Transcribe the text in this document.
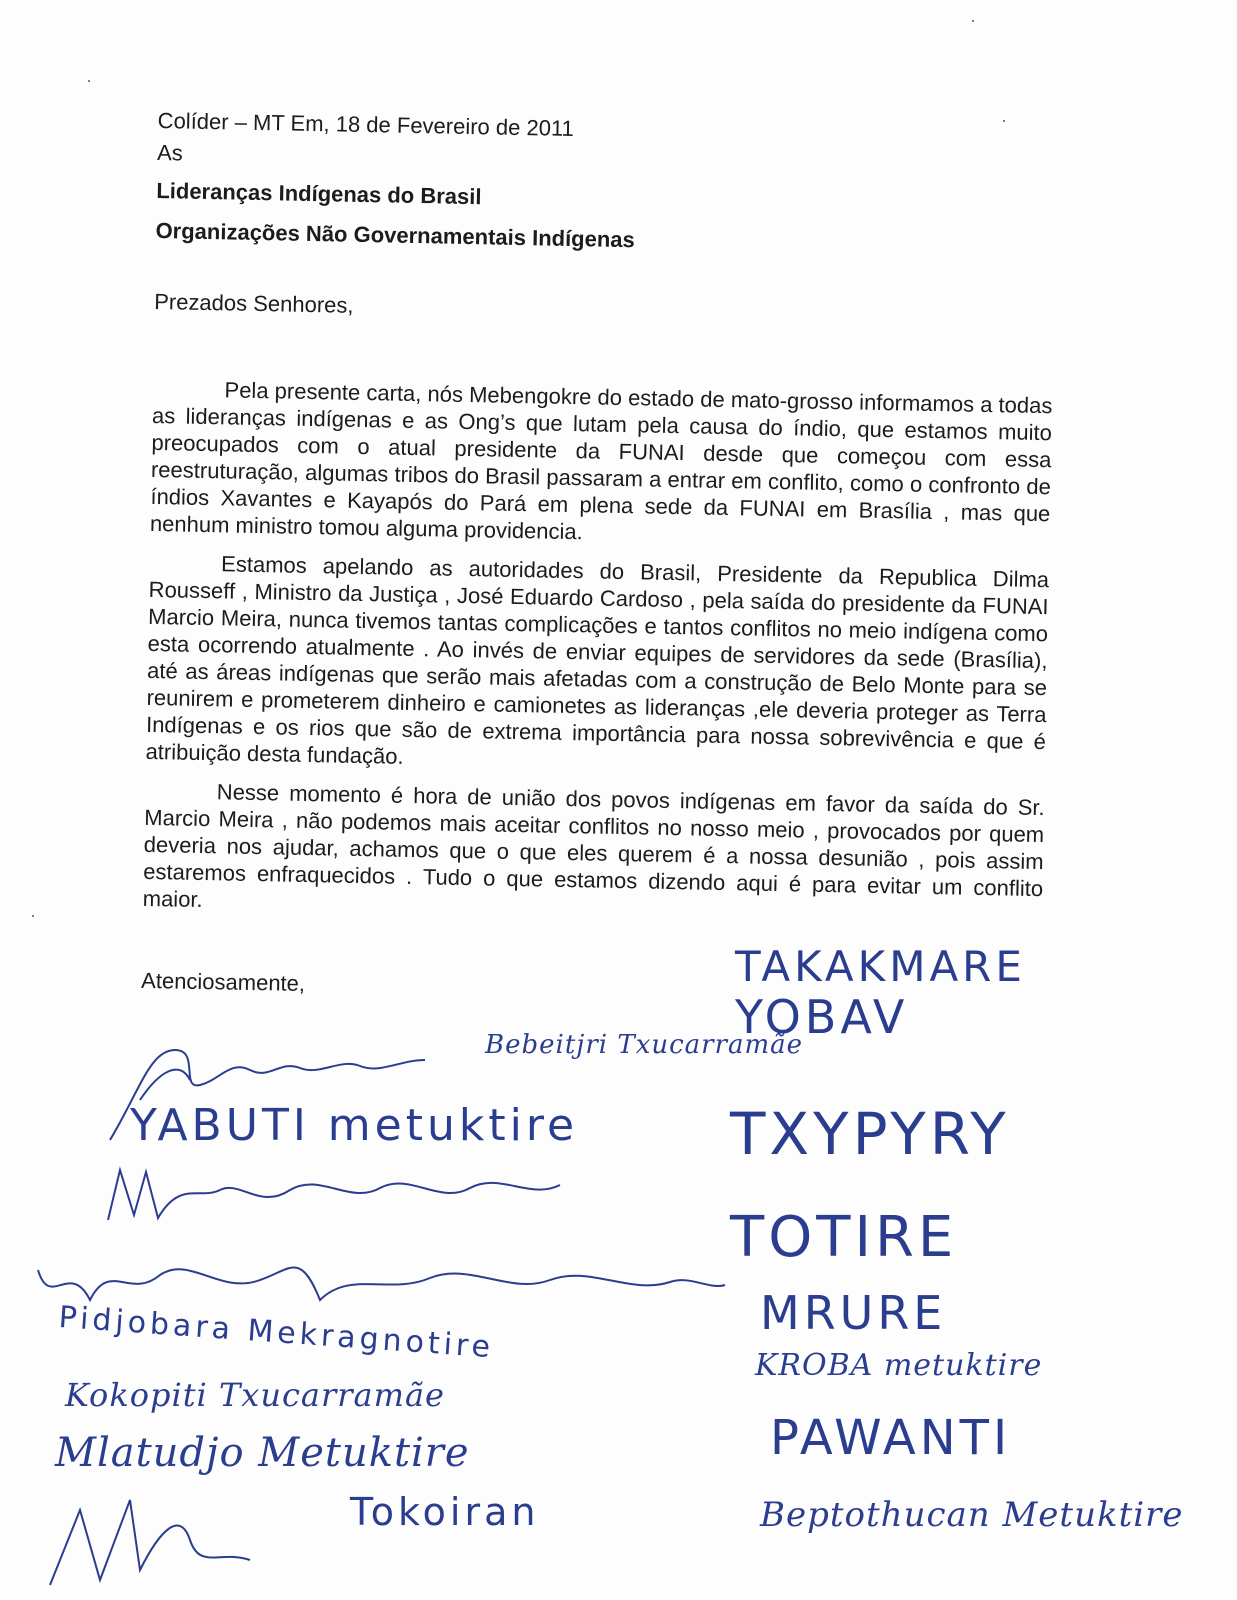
Colíder – MT Em, 18 de Fevereiro de 2011
As
Lideranças Indígenas do Brasil
Organizações Não Governamentais Indígenas
Prezados Senhores,

Pela presente carta, nós Mebengokre do estado de mato-grosso informamos a todas as lideranças indígenas e as Ong’s que lutam pela causa do índio, que estamos muito preocupados com o atual presidente da FUNAI desde que começou com essa reestruturação, algumas tribos do Brasil passaram a entrar em conflito, como o confronto de índios Xavantes e Kayapós do Pará em plena sede da FUNAI em Brasília , mas que nenhum ministro tomou alguma providencia.

Estamos apelando as autoridades do Brasil, Presidente da Republica Dilma Rousseff , Ministro da Justiça , José Eduardo Cardoso , pela saída do presidente da FUNAI Marcio Meira, nunca tivemos tantas complicações e tantos conflitos no meio indígena como esta ocorrendo atualmente . Ao invés de enviar equipes de servidores da sede (Brasília), até as áreas indígenas que serão mais afetadas com a construção de Belo Monte para se reunirem e prometerem dinheiro e camionetes as lideranças ,ele deveria proteger as Terra Indígenas e os rios que são de extrema importância para nossa sobrevivência e que é atribuição desta fundação.

Nesse momento é hora de união dos povos indígenas em favor da saída do Sr. Marcio Meira , não podemos mais aceitar conflitos no nosso meio , provocados por quem deveria nos ajudar, achamos que o que eles querem é a nossa desunião , pois assim estaremos enfraquecidos . Tudo o que estamos dizendo aqui é para evitar um conflito maior.

Atenciosamente,
Bebeitjri Txucarramãe
YABUTI metuktire
Pidjobara Mekragnotire
Kokopiti Txucarramãe
Mlatudjo Metuktire
Tokoiran
TAKAKMARE
YOBAV
TXYPYRY
TOTIRE
MRURE
KROBA metuktire
PAWANTI
Beptothucan Metuktire
